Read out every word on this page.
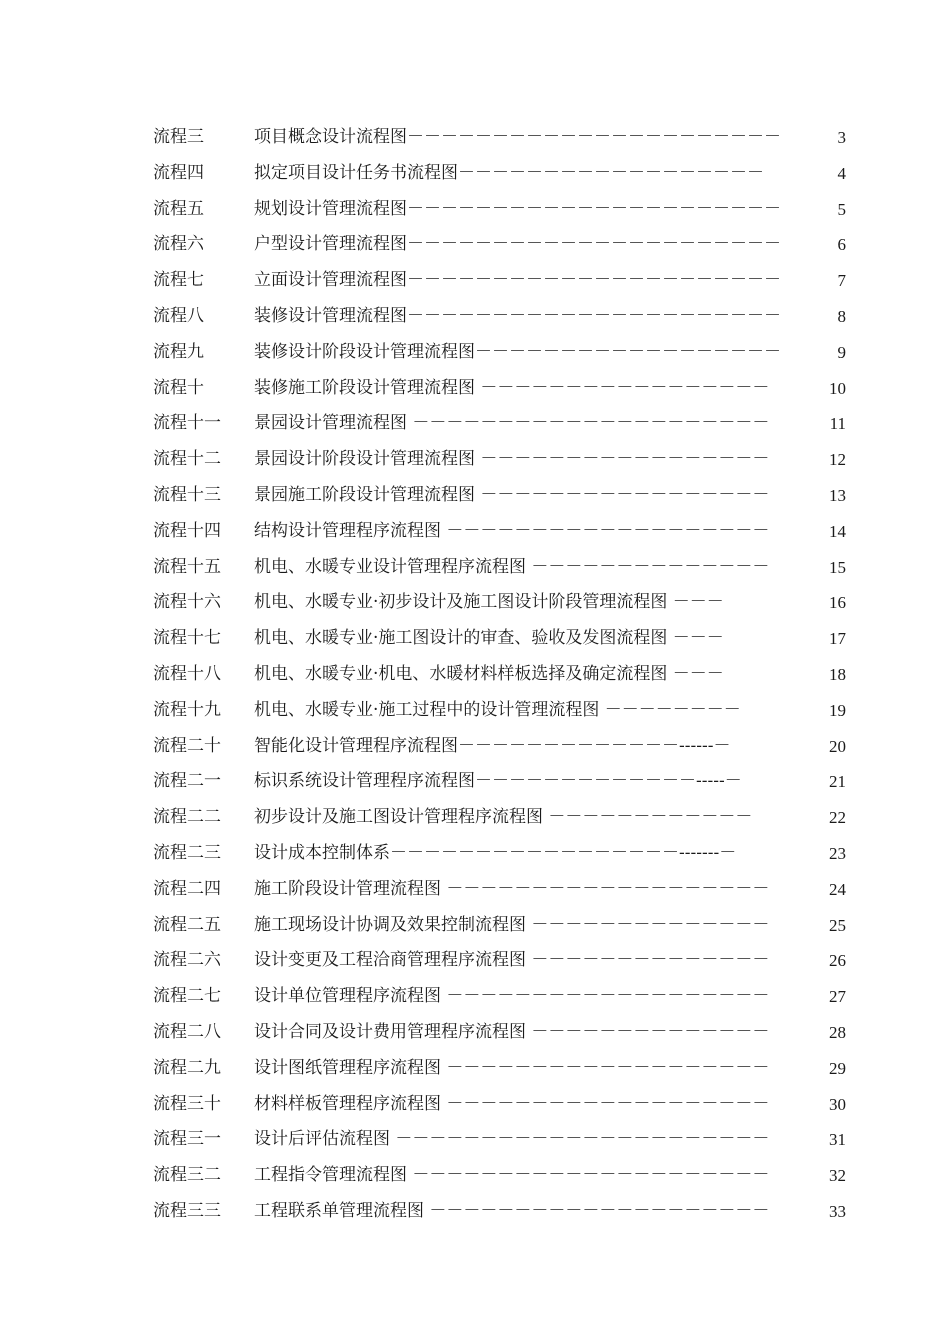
流程三	项目概念设计流程图－－－－－－－－－－－－－－－－－－－－－－	3
流程四	拟定项目设计任务书流程图－－－－－－－－－－－－－－－－－－	4
流程五	规划设计管理流程图－－－－－－－－－－－－－－－－－－－－－－	5
流程六	户型设计管理流程图－－－－－－－－－－－－－－－－－－－－－－	6
流程七	立面设计管理流程图－－－－－－－－－－－－－－－－－－－－－－	7
流程八	装修设计管理流程图－－－－－－－－－－－－－－－－－－－－－－	8
流程九	装修设计阶段设计管理流程图－－－－－－－－－－－－－－－－－－	9
流程十	装修施工阶段设计管理流程图 －－－－－－－－－－－－－－－－－	10
流程十一 景园设计管理流程图 －－－－－－－－－－－－－－－－－－－－－	11
流程十二 景园设计阶段设计管理流程图 －－－－－－－－－－－－－－－－－	12
流程十三 景园施工阶段设计管理流程图 －－－－－－－－－－－－－－－－－	13
流程十四 结构设计管理程序流程图 －－－－－－－－－－－－－－－－－－－	14
流程十五 机电、水暖专业设计管理程序流程图 －－－－－－－－－－－－－－	15
流程十六 机电、水暖专业·初步设计及施工图设计阶段管理流程图 －－－	16
流程十七 机电、水暖专业·施工图设计的审查、验收及发图流程图 －－－	17
流程十八 机电、水暖专业·机电、水暖材料样板选择及确定流程图 －－－	18
流程十九 机电、水暖专业·施工过程中的设计管理流程图 －－－－－－－－	19
流程二十 智能化设计管理程序流程图－－－－－－－－－－－－－------－	20
流程二一 标识系统设计管理程序流程图－－－－－－－－－－－－－-----－	21
流程二二 初步设计及施工图设计管理程序流程图 －－－－－－－－－－－－	22
流程二三 设计成本控制体系－－－－－－－－－－－－－－－－－-------－	23
流程二四 施工阶段设计管理流程图 －－－－－－－－－－－－－－－－－－－	24
流程二五 施工现场设计协调及效果控制流程图 －－－－－－－－－－－－－－	25
流程二六 设计变更及工程洽商管理程序流程图 －－－－－－－－－－－－－－	26
流程二七 设计单位管理程序流程图 －－－－－－－－－－－－－－－－－－－	27
流程二八 设计合同及设计费用管理程序流程图 －－－－－－－－－－－－－－	28
流程二九 设计图纸管理程序流程图 －－－－－－－－－－－－－－－－－－－	29
流程三十 材料样板管理程序流程图 －－－－－－－－－－－－－－－－－－－	30
流程三一 设计后评估流程图 －－－－－－－－－－－－－－－－－－－－－－	31
流程三二 工程指令管理流程图 －－－－－－－－－－－－－－－－－－－－－	32
流程三三 工程联系单管理流程图 －－－－－－－－－－－－－－－－－－－－	33
